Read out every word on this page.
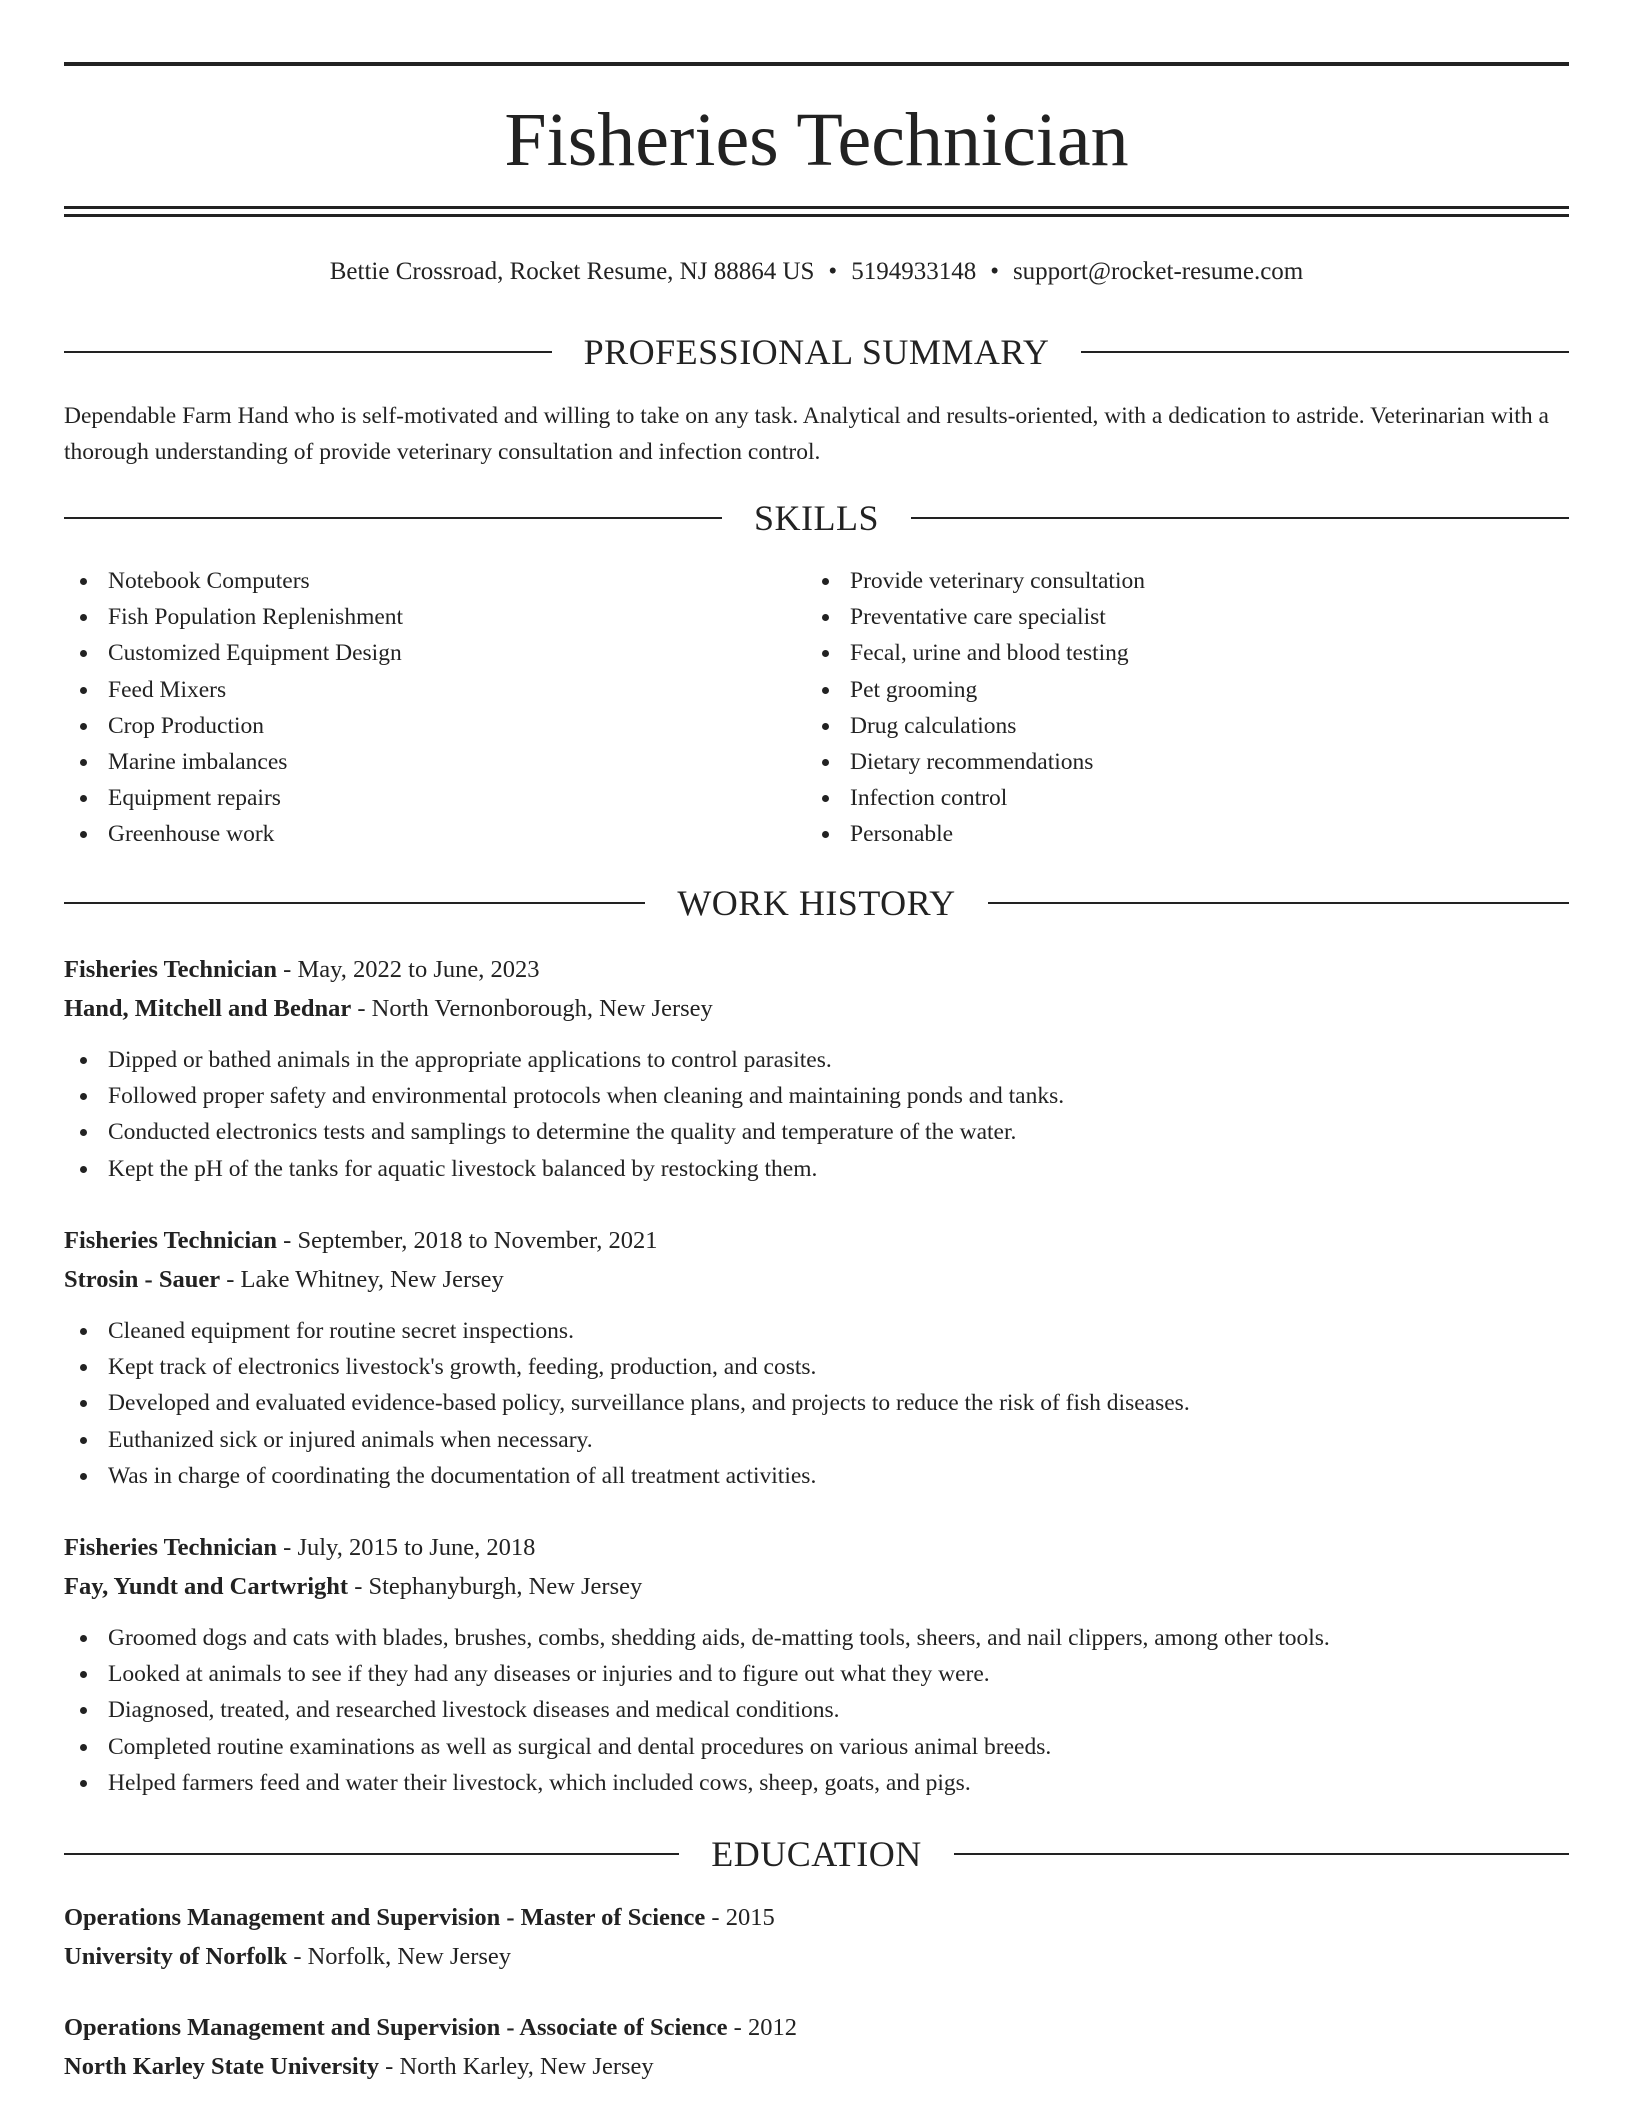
Fisheries Technician
Bettie Crossroad, Rocket Resume, NJ 88864 US • 5194933148 • support@rocket-resume.com
PROFESSIONAL SUMMARY
Dependable Farm Hand who is self-motivated and willing to take on any task. Analytical and results-oriented, with a dedication to astride. Veterinarian with a thorough understanding of provide veterinary consultation and infection control.
SKILLS
Notebook Computers
Fish Population Replenishment
Customized Equipment Design
Feed Mixers
Crop Production
Marine imbalances
Equipment repairs
Greenhouse work
Provide veterinary consultation
Preventative care specialist
Fecal, urine and blood testing
Pet grooming
Drug calculations
Dietary recommendations
Infection control
Personable
WORK HISTORY
Fisheries Technician - May, 2022 to June, 2023
Hand, Mitchell and Bednar - North Vernonborough, New Jersey
Dipped or bathed animals in the appropriate applications to control parasites.
Followed proper safety and environmental protocols when cleaning and maintaining ponds and tanks.
Conducted electronics tests and samplings to determine the quality and temperature of the water.
Kept the pH of the tanks for aquatic livestock balanced by restocking them.
Fisheries Technician - September, 2018 to November, 2021
Strosin - Sauer - Lake Whitney, New Jersey
Cleaned equipment for routine secret inspections.
Kept track of electronics livestock's growth, feeding, production, and costs.
Developed and evaluated evidence-based policy, surveillance plans, and projects to reduce the risk of fish diseases.
Euthanized sick or injured animals when necessary.
Was in charge of coordinating the documentation of all treatment activities.
Fisheries Technician - July, 2015 to June, 2018
Fay, Yundt and Cartwright - Stephanyburgh, New Jersey
Groomed dogs and cats with blades, brushes, combs, shedding aids, de-matting tools, sheers, and nail clippers, among other tools.
Looked at animals to see if they had any diseases or injuries and to figure out what they were.
Diagnosed, treated, and researched livestock diseases and medical conditions.
Completed routine examinations as well as surgical and dental procedures on various animal breeds.
Helped farmers feed and water their livestock, which included cows, sheep, goats, and pigs.
EDUCATION
Operations Management and Supervision - Master of Science - 2015
University of Norfolk - Norfolk, New Jersey
Operations Management and Supervision - Associate of Science - 2012
North Karley State University - North Karley, New Jersey
